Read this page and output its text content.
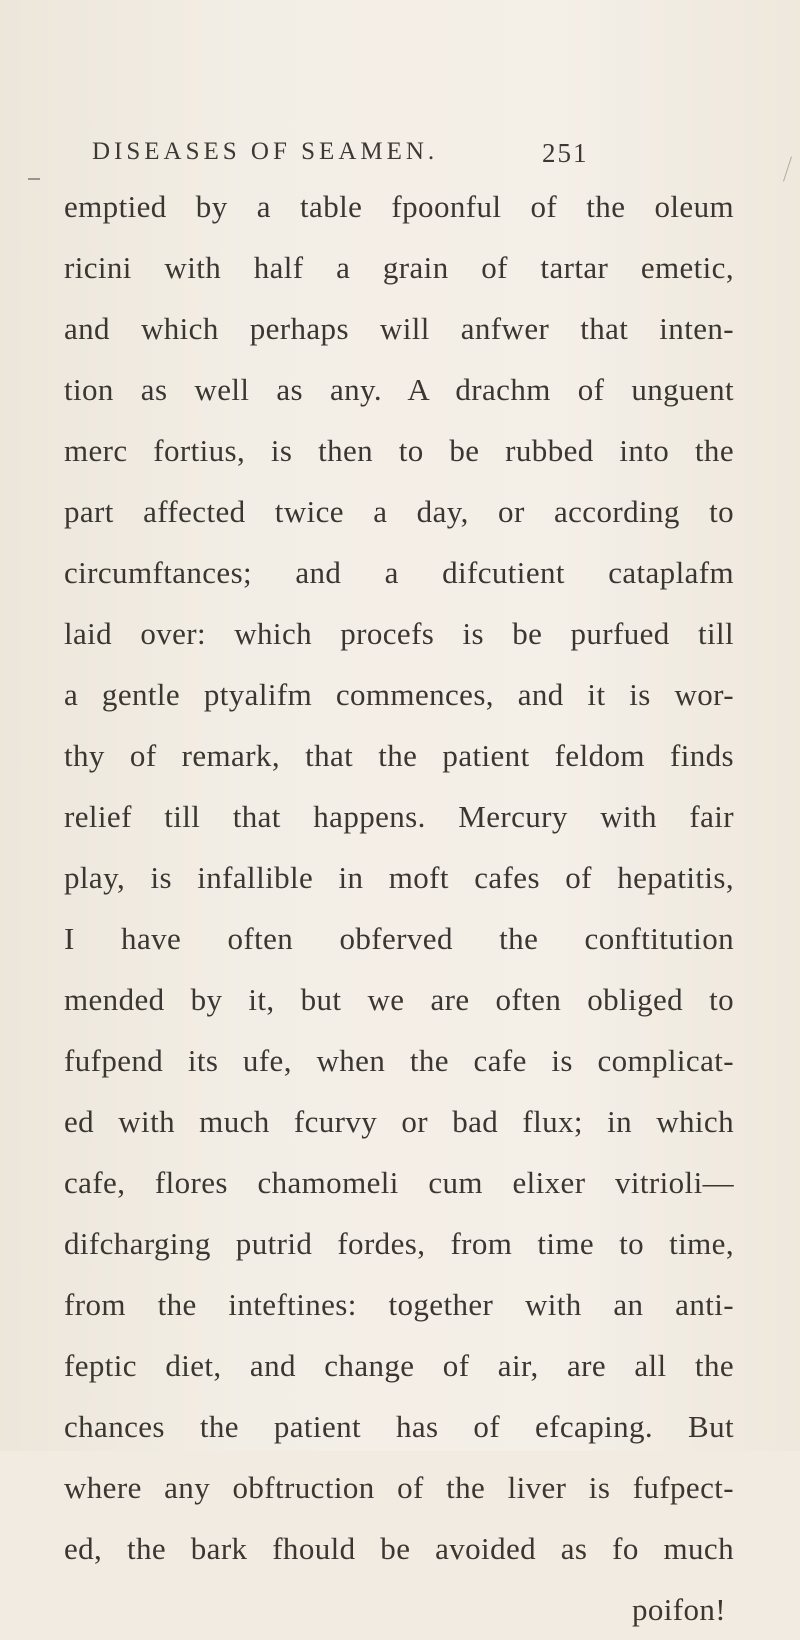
DISEASES OF SEAMEN.	251
emptied by a table fpoonful of the oleum
ricini with half a grain of tartar emetic,
and which perhaps will anfwer that inten-
tion as well as any. A drachm of unguent
merc fortius, is then to be rubbed into the
part affected twice a day, or according to
circumftances; and a difcutient cataplafm
laid over: which procefs is be purfued till
a gentle ptyalifm commences, and it is wor-
thy of remark, that the patient feldom finds
relief till that happens. Mercury with fair
play, is infallible in moft cafes of hepatitis,
I have often obferved the conftitution
mended by it, but we are often obliged to
fufpend its ufe, when the cafe is complicat-
ed with much fcurvy or bad flux; in which
cafe, flores chamomeli cum elixer vitrioli—
difcharging putrid fordes, from time to time,
from the inteftines: together with an anti-
feptic diet, and change of air, are all the
chances the patient has of efcaping. But
where any obftruction of the liver is fufpect-
ed, the bark fhould be avoided as fo much
poifon!
